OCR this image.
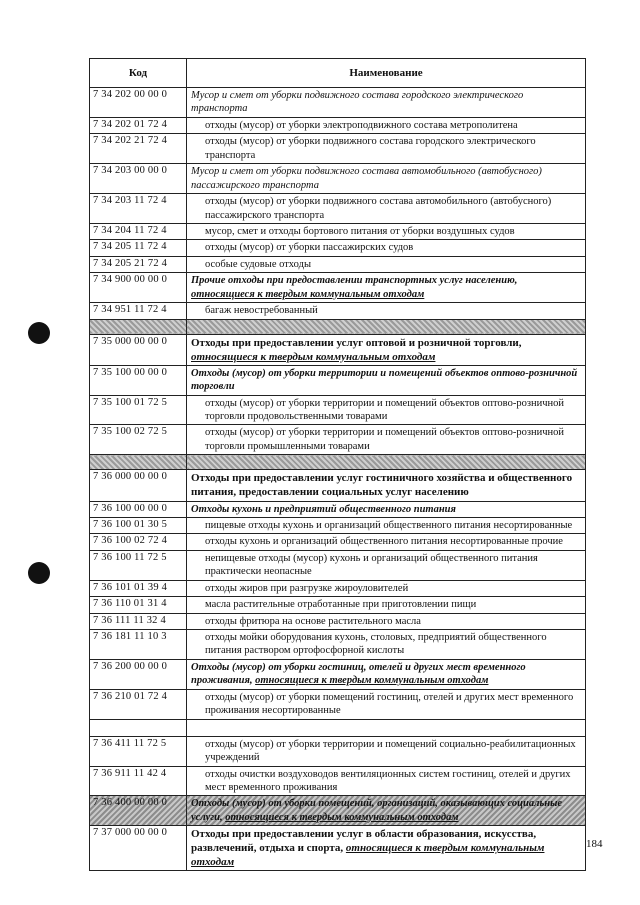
Код	Наименование
7 34 202 00 00 0	Мусор и смет от уборки подвижного состава городского электрического транспорта
7 34 202 01 72 4	отходы (мусор) от уборки электроподвижного состава метрополитена
7 34 202 21 72 4	отходы (мусор) от уборки подвижного состава городского электрического транспорта
7 34 203 00 00 0	Мусор и смет от уборки подвижного состава автомобильного (автобусного) пассажирского транспорта
7 34 203 11 72 4	отходы (мусор) от уборки подвижного состава автомобильного (автобусного) пассажирского транспорта
7 34 204 11 72 4	мусор, смет и отходы бортового питания от уборки воздушных судов
7 34 205 11 72 4	отходы (мусор) от уборки пассажирских судов
7 34 205 21 72 4	особые судовые отходы
7 34 900 00 00 0	Прочие отходы при предоставлении транспортных услуг населению, относящиеся к твердым коммунальным отходам
7 34 951 11 72 4	багаж невостребованный

7 35 000 00 00 0	Отходы при предоставлении услуг оптовой и розничной торговли, относящиеся к твердым коммунальным отходам
7 35 100 00 00 0	Отходы (мусор) от уборки территории и помещений объектов оптово-розничной торговли
7 35 100 01 72 5	отходы (мусор) от уборки территории и помещений объектов оптово-розничной торговли продовольственными товарами
7 35 100 02 72 5	отходы (мусор) от уборки территории и помещений объектов оптово-розничной торговли промышленными товарами

7 36 000 00 00 0	Отходы при предоставлении услуг гостиничного хозяйства и общественного питания, предоставлении социальных услуг населению
7 36 100 00 00 0	Отходы кухонь и предприятий общественного питания
7 36 100 01 30 5	пищевые отходы кухонь и организаций общественного питания несортированные
7 36 100 02 72 4	отходы кухонь и организаций общественного питания несортированные прочие
7 36 100 11 72 5	непищевые отходы (мусор) кухонь и организаций общественного питания практически неопасные
7 36 101 01 39 4	отходы жиров при разгрузке жироуловителей
7 36 110 01 31 4	масла растительные отработанные при приготовлении пищи
7 36 111 11 32 4	отходы фритюра на основе растительного масла
7 36 181 11 10 3	отходы мойки оборудования кухонь, столовых, предприятий общественного питания раствором ортофосфорной кислоты
7 36 200 00 00 0	Отходы (мусор) от уборки гостиниц, отелей и других мест временного проживания, относящиеся к твердым коммунальным отходам
7 36 210 01 72 4	отходы (мусор) от уборки помещений гостиниц, отелей и других мест временного проживания несортированные

7 36 411 11 72 5	отходы (мусор) от уборки территории и помещений социально-реабилитационных учреждений
7 36 911 11 42 4	отходы очистки воздуховодов вентиляционных систем гостиниц, отелей и других мест временного проживания
7 36 400 00 00 0	Отходы (мусор) от уборки помещений, организаций, оказывающих социальные услуги, относящиеся к твердым коммунальным отходам
7 37 000 00 00 0	Отходы при предоставлении услуг в области образования, искусства, развлечений, отдыха и спорта, относящиеся к твердым коммунальным отходам
184
